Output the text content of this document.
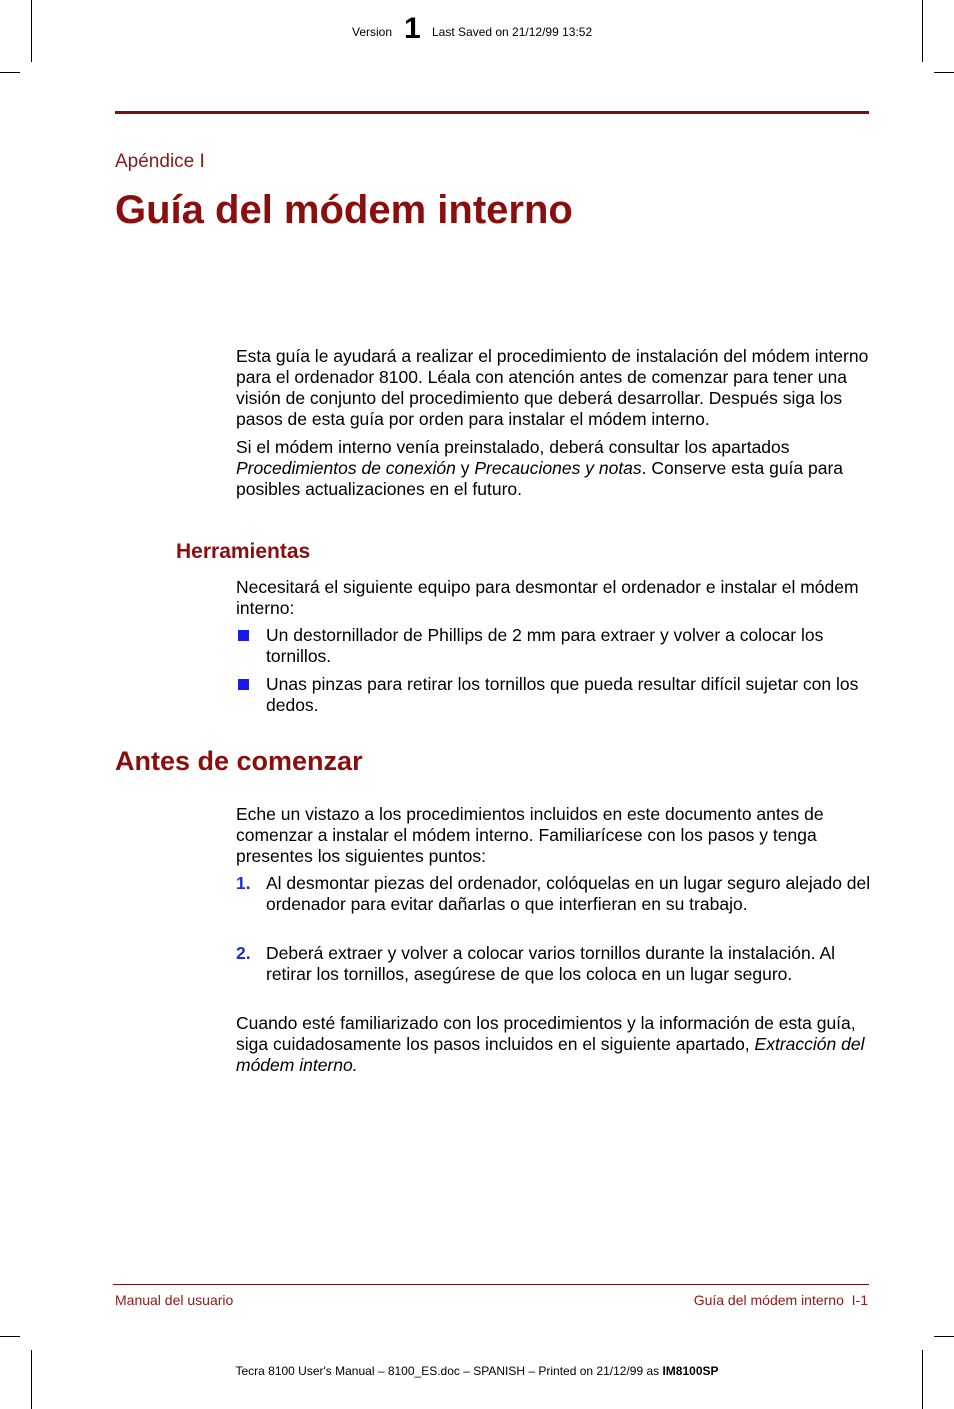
Version 1 Last Saved on 21/12/99 13:52
Apéndice I
Guía del módem interno

Esta guía le ayudará a realizar el procedimiento de instalación del módem interno para el ordenador 8100. Léala con atención antes de comenzar para tener una visión de conjunto del procedimiento que deberá desarrollar. Después siga los pasos de esta guía por orden para instalar el módem interno.

Si el módem interno venía preinstalado, deberá consultar los apartados Procedimientos de conexión y Precauciones y notas. Conserve esta guía para posibles actualizaciones en el futuro.

Herramientas
Necesitará el siguiente equipo para desmontar el ordenador e instalar el módem interno:
Un destornillador de Phillips de 2 mm para extraer y volver a colocar los tornillos.
Unas pinzas para retirar los tornillos que pueda resultar difícil sujetar con los dedos.
Antes de comenzar
Eche un vistazo a los procedimientos incluidos en este documento antes de comenzar a instalar el módem interno. Familiarícese con los pasos y tenga presentes los siguientes puntos:
1. Al desmontar piezas del ordenador, colóquelas en un lugar seguro alejado del ordenador para evitar dañarlas o que interfieran en su trabajo.
2. Deberá extraer y volver a colocar varios tornillos durante la instalación. Al retirar los tornillos, asegúrese de que los coloca en un lugar seguro.
Cuando esté familiarizado con los procedimientos y la información de esta guía, siga cuidadosamente los pasos incluidos en el siguiente apartado, Extracción del módem interno.
Manual del usuario	Guía del módem interno  I-1
Tecra 8100 User's Manual – 8100_ES.doc – SPANISH – Printed on 21/12/99 as IM8100SP
